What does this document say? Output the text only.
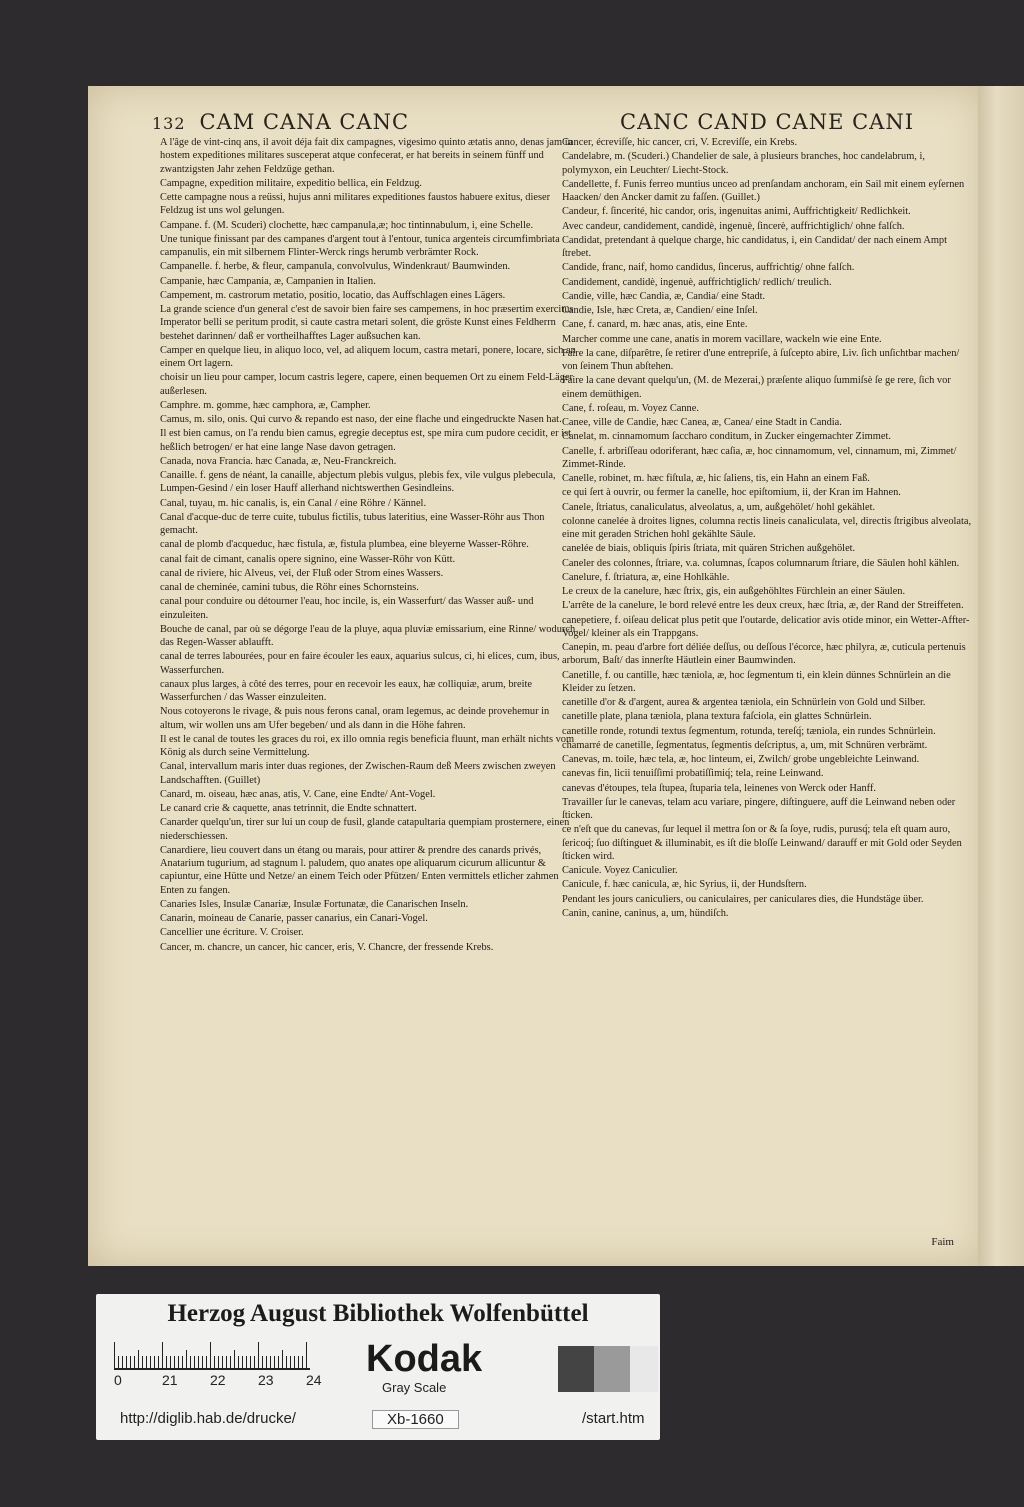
132 CAM CANA CANC	CANC CAND CANE CANI

A l'âge de vint-cinq ans, il avoit déja fait dix campagnes, vigesimo quinto ætatis anno, denas jam in hostem expeditiones militares susceperat atque confecerat, er hat bereits in seinem fünff und zwantzigsten Jahr zehen Feldzüge gethan.

Campagne, expedition militaire, expeditio bellica, ein Feldzug.

Cette campagne nous a reüssi, hujus anni militares expeditiones faustos habuere exitus, dieser Feldzug ist uns wol gelungen.

Campane. f. (M. Scuderi) clochette, hæc campanula,æ; hoc tintinnabulum, i, eine Schelle.

Une tunique finissant par des campanes d'argent tout à l'entour, tunica argenteis circumfimbriata campanulis, ein mit silbernem Flinter-Werck rings herumb verbrämter Rock.

Campanelle. f. herbe, & fleur, campanula, convolvulus, Windenkraut/ Baumwinden.

Campanie, hæc Campania, æ, Campanien in Italien.

Campement, m. castrorum metatio, positio, locatio, das Auffschlagen eines Lägers.

La grande science d'un general c'est de savoir bien faire ses campemens, in hoc præsertim exercitus Imperator belli se peritum prodit, si caute castra metari solent, die gröste Kunst eines Feldherrn bestehet darinnen/ daß er vortheilhafftes Lager außsuchen kan.

Camper en quelque lieu, in aliquo loco, vel, ad aliquem locum, castra metari, ponere, locare, sich an einem Ort lagern.

choisir un lieu pour camper, locum castris legere, capere, einen bequemen Ort zu einem Feld-Läger außerlesen.

Camphre. m. gomme, hæc camphora, æ, Campher.

Camus, m. silo, onis. Qui curvo & repando est naso, der eine flache und eingedruckte Nasen hat.

Il est bien camus, on l'a rendu bien camus, egregie deceptus est, spe mira cum pudore cecidit, er ist heßlich betrogen/ er hat eine lange Nase davon getragen.

Canada, nova Francia. hæc Canada, æ, Neu-Franckreich.

Canaille. f. gens de néant, la canaille, abjectum plebis vulgus, plebis fex, vile vulgus plebecula, Lumpen-Gesind / ein loser Hauff allerhand nichtswerthen Gesindleins.

Canal, tuyau, m. hic canalis, is, ein Canal / eine Röhre / Kännel.

Canal d'acque-duc de terre cuite, tubulus fictilis, tubus lateritius, eine Wasser-Röhr aus Thon gemacht.

canal de plomb d'acqueduc, hæc fistula, æ, fistula plumbea, eine bleyerne Wasser-Röhre.

canal fait de cimant, canalis opere signino, eine Wasser-Röhr von Kütt.

canal de riviere, hic Alveus, vei, der Fluß oder Strom eines Wassers.

canal de cheminée, camini tubus, die Röhr eines Schornsteins.

canal pour conduire ou détourner l'eau, hoc incile, is, ein Wasserfurt/ das Wasser auß- und einzuleiten.

Bouche de canal, par où se dégorge l'eau de la pluye, aqua pluviæ emissarium, eine Rinne/ wodurch das Regen-Wasser ablaufft.

canal de terres labourées, pour en faire écouler les eaux, aquarius sulcus, ci, hi elices, cum, ibus, Wasserfurchen.

canaux plus larges, à côté des terres, pour en recevoir les eaux, hæ colliquiæ, arum, breite Wasserfurchen / das Wasser einzuleiten.

Nous cotoyerons le rivage, & puis nous ferons canal, oram legemus, ac deinde provehemur in altum, wir wollen uns am Ufer begeben/ und als dann in die Höhe fahren.

Il est le canal de toutes les graces du roi, ex illo omnia regis beneficia fluunt, man erhält nichts vom König als durch seine Vermittelung.

Canal, intervallum maris inter duas regiones, der Zwischen-Raum deß Meers zwischen zweyen Landschafften. (Guillet)

Canard, m. oiseau, hæc anas, atis, V. Cane, eine Endte/ Ant-Vogel.

Le canard crie & caquette, anas tetrinnit, die Endte schnattert.

Canarder quelqu'un, tirer sur lui un coup de fusil, glande catapultaria quempiam prosternere, einen niederschiessen.

Canardiere, lieu couvert dans un étang ou marais, pour attirer & prendre des canards privés, Anatarium tugurium, ad stagnum l. paludem, quo anates ope aliquarum cicurum allicuntur & capiuntur, eine Hütte und Netze/ an einem Teich oder Pfützen/ Enten vermittels etlicher zahmen Enten zu fangen.

Canaries Isles, Insulæ Canariæ, Insulæ Fortunatæ, die Canarischen Inseln.

Canarin, moineau de Canarie, passer canarius, ein Canari-Vogel.

Cancellier une écriture. V. Croiser.

Cancer, m. chancre, un cancer, hic cancer, eris, V. Chancre, der fressende Krebs.

Cancer, écreviſſe, hic cancer, cri, V. Ecreviſſe, ein Krebs.

Candelabre, m. (Scuderi.) Chandelier de sale, à plusieurs branches, hoc candelabrum, i, polymyxon, ein Leuchter/ Liecht-Stock.

Candellette, f. Funis ferreo muntius unceo ad prenſandam anchoram, ein Sail mit einem eyſernen Haacken/ den Ancker damit zu faſſen. (Guillet.)

Candeur, f. ſincerité, hic candor, oris, ingenuitas animi, Auffrichtigkeit/ Redlichkeit.

Avec candeur, candidement, candidè, ingenuè, ſincerè, auffrichtiglich/ ohne falſch.

Candidat, pretendant à quelque charge, hic candidatus, i, ein Candidat/ der nach einem Ampt ſtrebet.

Candide, franc, naif, homo candidus, ſincerus, auffrichtig/ ohne falſch.

Candidement, candidè, ingenuè, auffrichtiglich/ redlich/ treulich.

Candie, ville, hæc Candia, æ, Candia/ eine Stadt.

Candie, Isle, hæc Creta, æ, Candien/ eine Inſel.

Cane, f. canard, m. hæc anas, atis, eine Ente.

Marcher comme une cane, anatis in morem vacillare, wackeln wie eine Ente.

Faire la cane, diſparêtre, ſe retirer d'une entrepriſe, à ſuſcepto abire, Liv. ſich unſichtbar machen/ von ſeinem Thun abſtehen.

Faire la cane devant quelqu'un, (M. de Mezerai,) præſente aliquo ſummiſsè ſe ge rere, ſich vor einem demüthigen.

Cane, f. roſeau, m. Voyez Canne.

Canee, ville de Candie, hæc Canea, æ, Canea/ eine Stadt in Candia.

Canelat, m. cinnamomum ſaccharo conditum, in Zucker eingemachter Zimmet.

Canelle, f. arbriſſeau odoriferant, hæc caſia, æ, hoc cinnamomum, vel, cinnamum, mi, Zimmet/ Zimmet-Rinde.

Canelle, robinet, m. hæc fiſtula, æ, hic ſaliens, tis, ein Hahn an einem Faß.

ce qui ſert à ouvrir, ou fermer la canelle, hoc epiſtomium, ii, der Kran im Hahnen.

Canele, ſtriatus, canaliculatus, alveolatus, a, um, außgehölet/ hohl gekählet.

colonne canelée à droites lignes, columna rectis lineis canaliculata, vel, directis ſtrigibus alveolata, eine mit geraden Strichen hohl gekählte Säule.

canelée de biais, obliquis ſpiris ſtriata, mit quären Strichen außgehölet.

Caneler des colonnes, ſtriare, v.a. columnas, ſcapos columnarum ſtriare, die Säulen hohl kählen.

Canelure, f. ſtriatura, æ, eine Hohlkähle.

Le creux de la canelure, hæc ſtrix, gis, ein außgehöhltes Fürchlein an einer Säulen.

L'arrête de la canelure, le bord relevé entre les deux creux, hæc ſtria, æ, der Rand der Streiffeten.

canepetiere, f. oiſeau delicat plus petit que l'outarde, delicatior avis otide minor, ein Wetter-Affter-Vogel/ kleiner als ein Trappgans.

Canepin, m. peau d'arbre fort déliée deſſus, ou deſſous l'écorce, hæc philyra, æ, cuticula pertenuis arborum, Baſt/ das innerſte Häutlein einer Baumwinden.

Canetille, f. ou cantille, hæc tæniola, æ, hoc ſegmentum ti, ein klein dünnes Schnürlein an die Kleider zu ſetzen.

canetille d'or & d'argent, aurea & argentea tæniola, ein Schnürlein von Gold und Silber.

canetille plate, plana tæniola, plana textura faſciola, ein glattes Schnürlein.

canetille ronde, rotundi textus ſegmentum, rotunda, tereſq́; tæniola, ein rundes Schnürlein.

chamarré de canetille, ſegmentatus, ſegmentis deſcriptus, a, um, mit Schnüren verbrämt.

Canevas, m. toile, hæc tela, æ, hoc linteum, ei, Zwilch/ grobe ungebleichte Leinwand.

canevas fin, licii tenuiſſimi probatiſſimiq́; tela, reine Leinwand.

canevas d'étoupes, tela ſtupea, ſtuparia tela, leinenes von Werck oder Hanff.

Travailler ſur le canevas, telam acu variare, pingere, diſtinguere, auff die Leinwand neben oder ſticken.

ce n'eſt que du canevas, ſur lequel il mettra ſon or & ſa ſoye, rudis, purusq́; tela eſt quam auro, ſericoq́; ſuo diſtinguet & illuminabit, es iſt die bloſſe Leinwand/ darauff er mit Gold oder Seyden ſticken wird.

Canicule. Voyez Caniculier.

Canicule, f. hæc canicula, æ, hic Syrius, ii, der Hundsſtern.

Pendant les jours caniculiers, ou caniculaires, per caniculares dies, die Hundstäge über.

Canin, canine, caninus, a, um, hündiſch.

Faim
Herzog August Bibliothek Wolfenbüttel
0	21 22 23 24	Kodak
Gray Scale
http://diglib.hab.de/drucke/	Xb-1660	/start.htm
